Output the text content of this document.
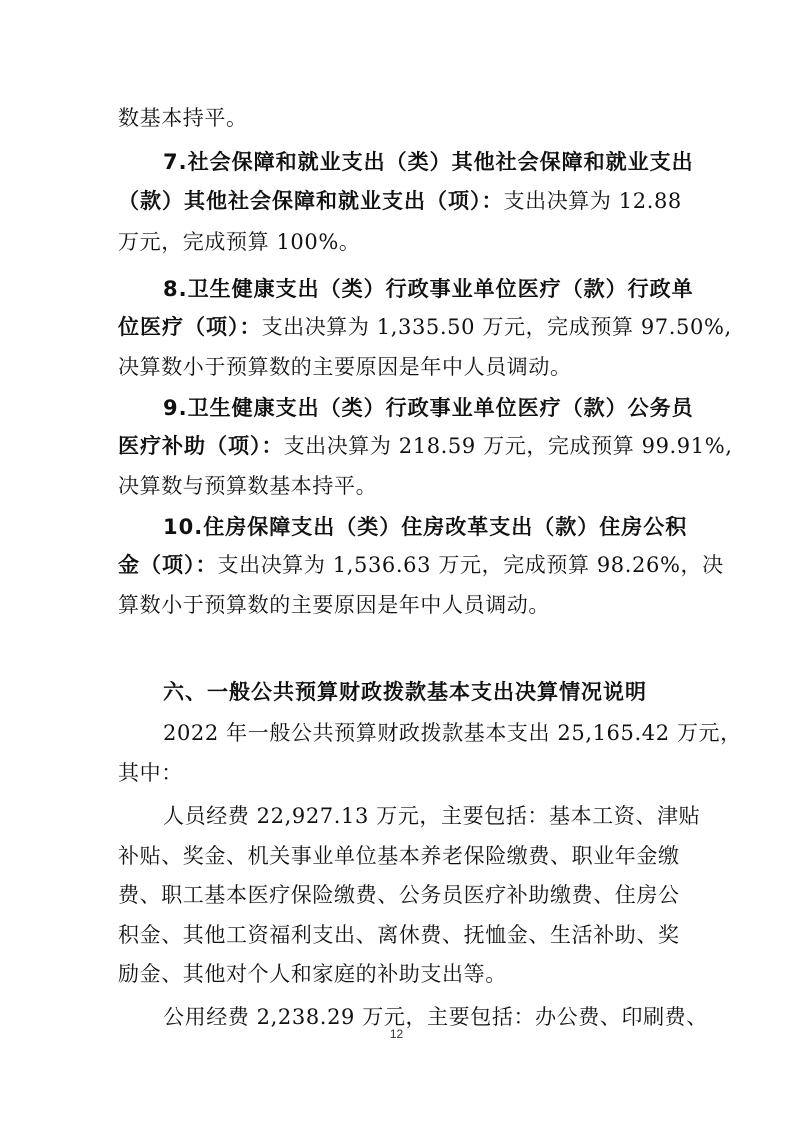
数基本持平。
7.社会保障和就业支出（类）其他社会保障和就业支出
（款）其他社会保障和就业支出（项）：支出决算为 12.88
万元，完成预算 100%。
8.卫生健康支出（类）行政事业单位医疗（款）行政单
位医疗（项）：支出决算为 1,335.50 万元，完成预算 97.50%,
决算数小于预算数的主要原因是年中人员调动。
9.卫生健康支出（类）行政事业单位医疗（款）公务员
医疗补助（项）：支出决算为 218.59 万元，完成预算 99.91%,
决算数与预算数基本持平。
10.住房保障支出（类）住房改革支出（款）住房公积
金（项）：支出决算为 1,536.63 万元，完成预算 98.26%，决
算数小于预算数的主要原因是年中人员调动。
六、一般公共预算财政拨款基本支出决算情况说明
2022 年一般公共预算财政拨款基本支出 25,165.42 万元，
其中：
人员经费 22,927.13 万元，主要包括：基本工资、津贴
补贴、奖金、机关事业单位基本养老保险缴费、职业年金缴
费、职工基本医疗保险缴费、公务员医疗补助缴费、住房公
积金、其他工资福利支出、离休费、抚恤金、生活补助、奖
励金、其他对个人和家庭的补助支出等。
公用经费 2,238.29 万元，主要包括：办公费、印刷费、
12
